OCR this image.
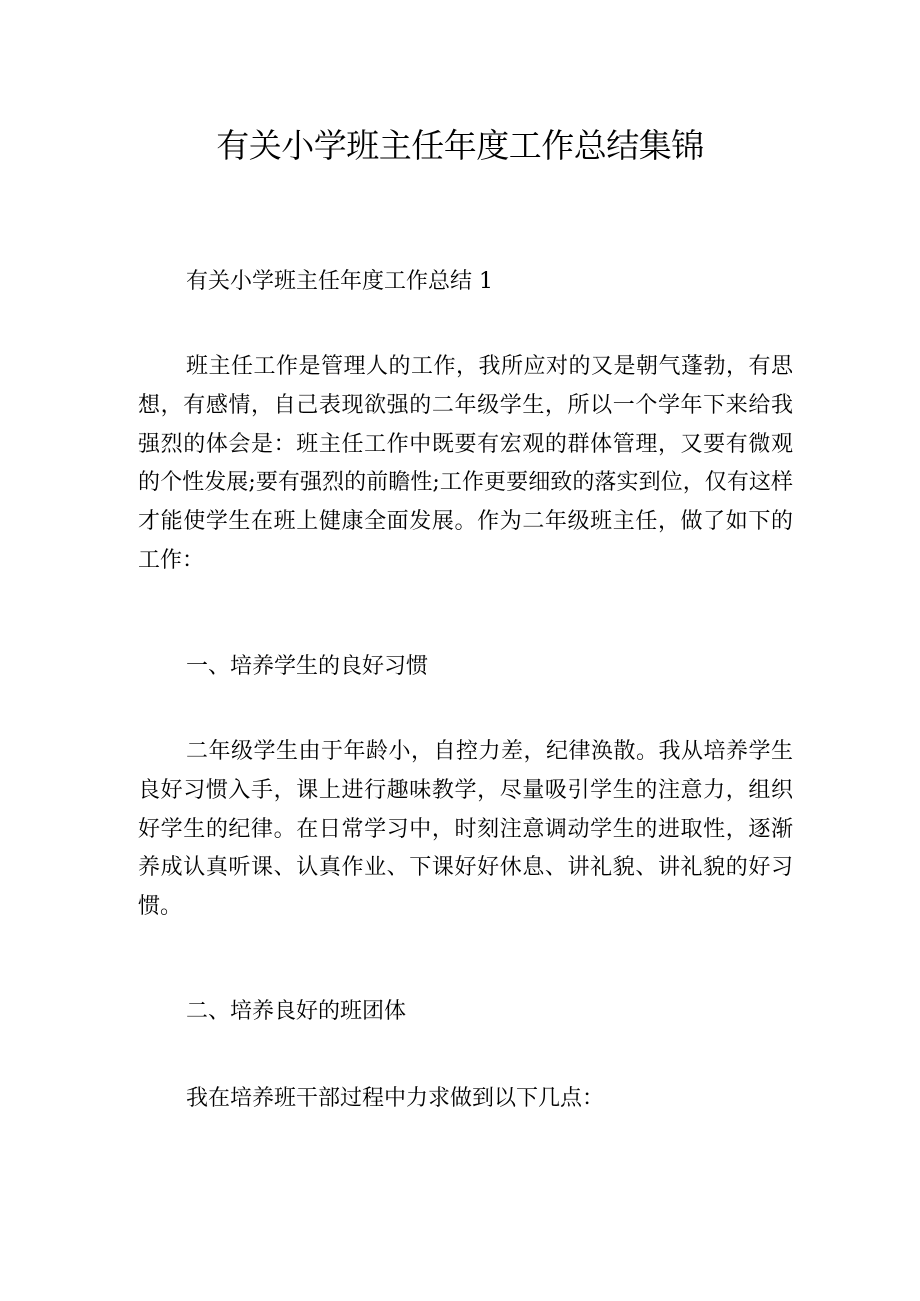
有关小学班主任年度工作总结集锦

有关小学班主任年度工作总结 1

班主任工作是管理人的工作，我所应对的又是朝气蓬勃，有思想，有感情，自己表现欲强的二年级学生，所以一个学年下来给我强烈的体会是：班主任工作中既要有宏观的群体管理，又要有微观的个性发展;要有强烈的前瞻性;工作更要细致的落实到位，仅有这样才能使学生在班上健康全面发展。作为二年级班主任，做了如下的工作：

一、培养学生的良好习惯

二年级学生由于年龄小，自控力差，纪律涣散。我从培养学生良好习惯入手，课上进行趣味教学，尽量吸引学生的注意力，组织好学生的纪律。在日常学习中，时刻注意调动学生的进取性，逐渐养成认真听课、认真作业、下课好好休息、讲礼貌、讲礼貌的好习惯。

二、培养良好的班团体

我在培养班干部过程中力求做到以下几点：
